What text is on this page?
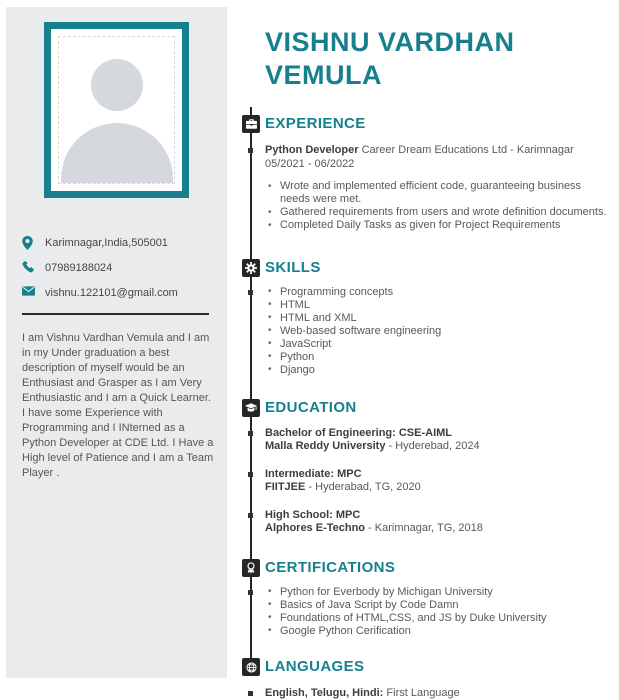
Karimnagar,India,505001
07989188024
vishnu.122101@gmail.com

I am Vishnu Vardhan Vemula and I am in my Under graduation a best description of myself would be an Enthusiast and Grasper as I am Very Enthusiastic and I am a Quick Learner. I have some Experience with Programming and I INterned as a Python Developer at CDE Ltd. I Have a High level of Patience and I am a Team Player .

VISHNU VARDHAN
VEMULA
EXPERIENCE
Python Developer Career Dream Educations Ltd - Karimnagar
05/2021 - 06/2022
• Wrote and implemented efficient code, guaranteeing business needs were met.
• Gathered requirements from users and wrote definition documents.
• Completed Daily Tasks as given for Project Requirements
SKILLS
• Programming concepts
• HTML
• HTML and XML
• Web-based software engineering
• JavaScript
• Python
• Django
EDUCATION
Bachelor of Engineering: CSE-AIML
Malla Reddy University - Hyderebad, 2024
Intermediate: MPC
FIITJEE - Hyderabad, TG, 2020
High School: MPC
Alphores E-Techno - Karimnagar, TG, 2018
CERTIFICATIONS
• Python for Everbody by Michigan University
• Basics of Java Script by Code Damn
• Foundations of HTML,CSS, and JS by Duke University
• Google Python Cerification
LANGUAGES
English, Telugu, Hindi: First Language
